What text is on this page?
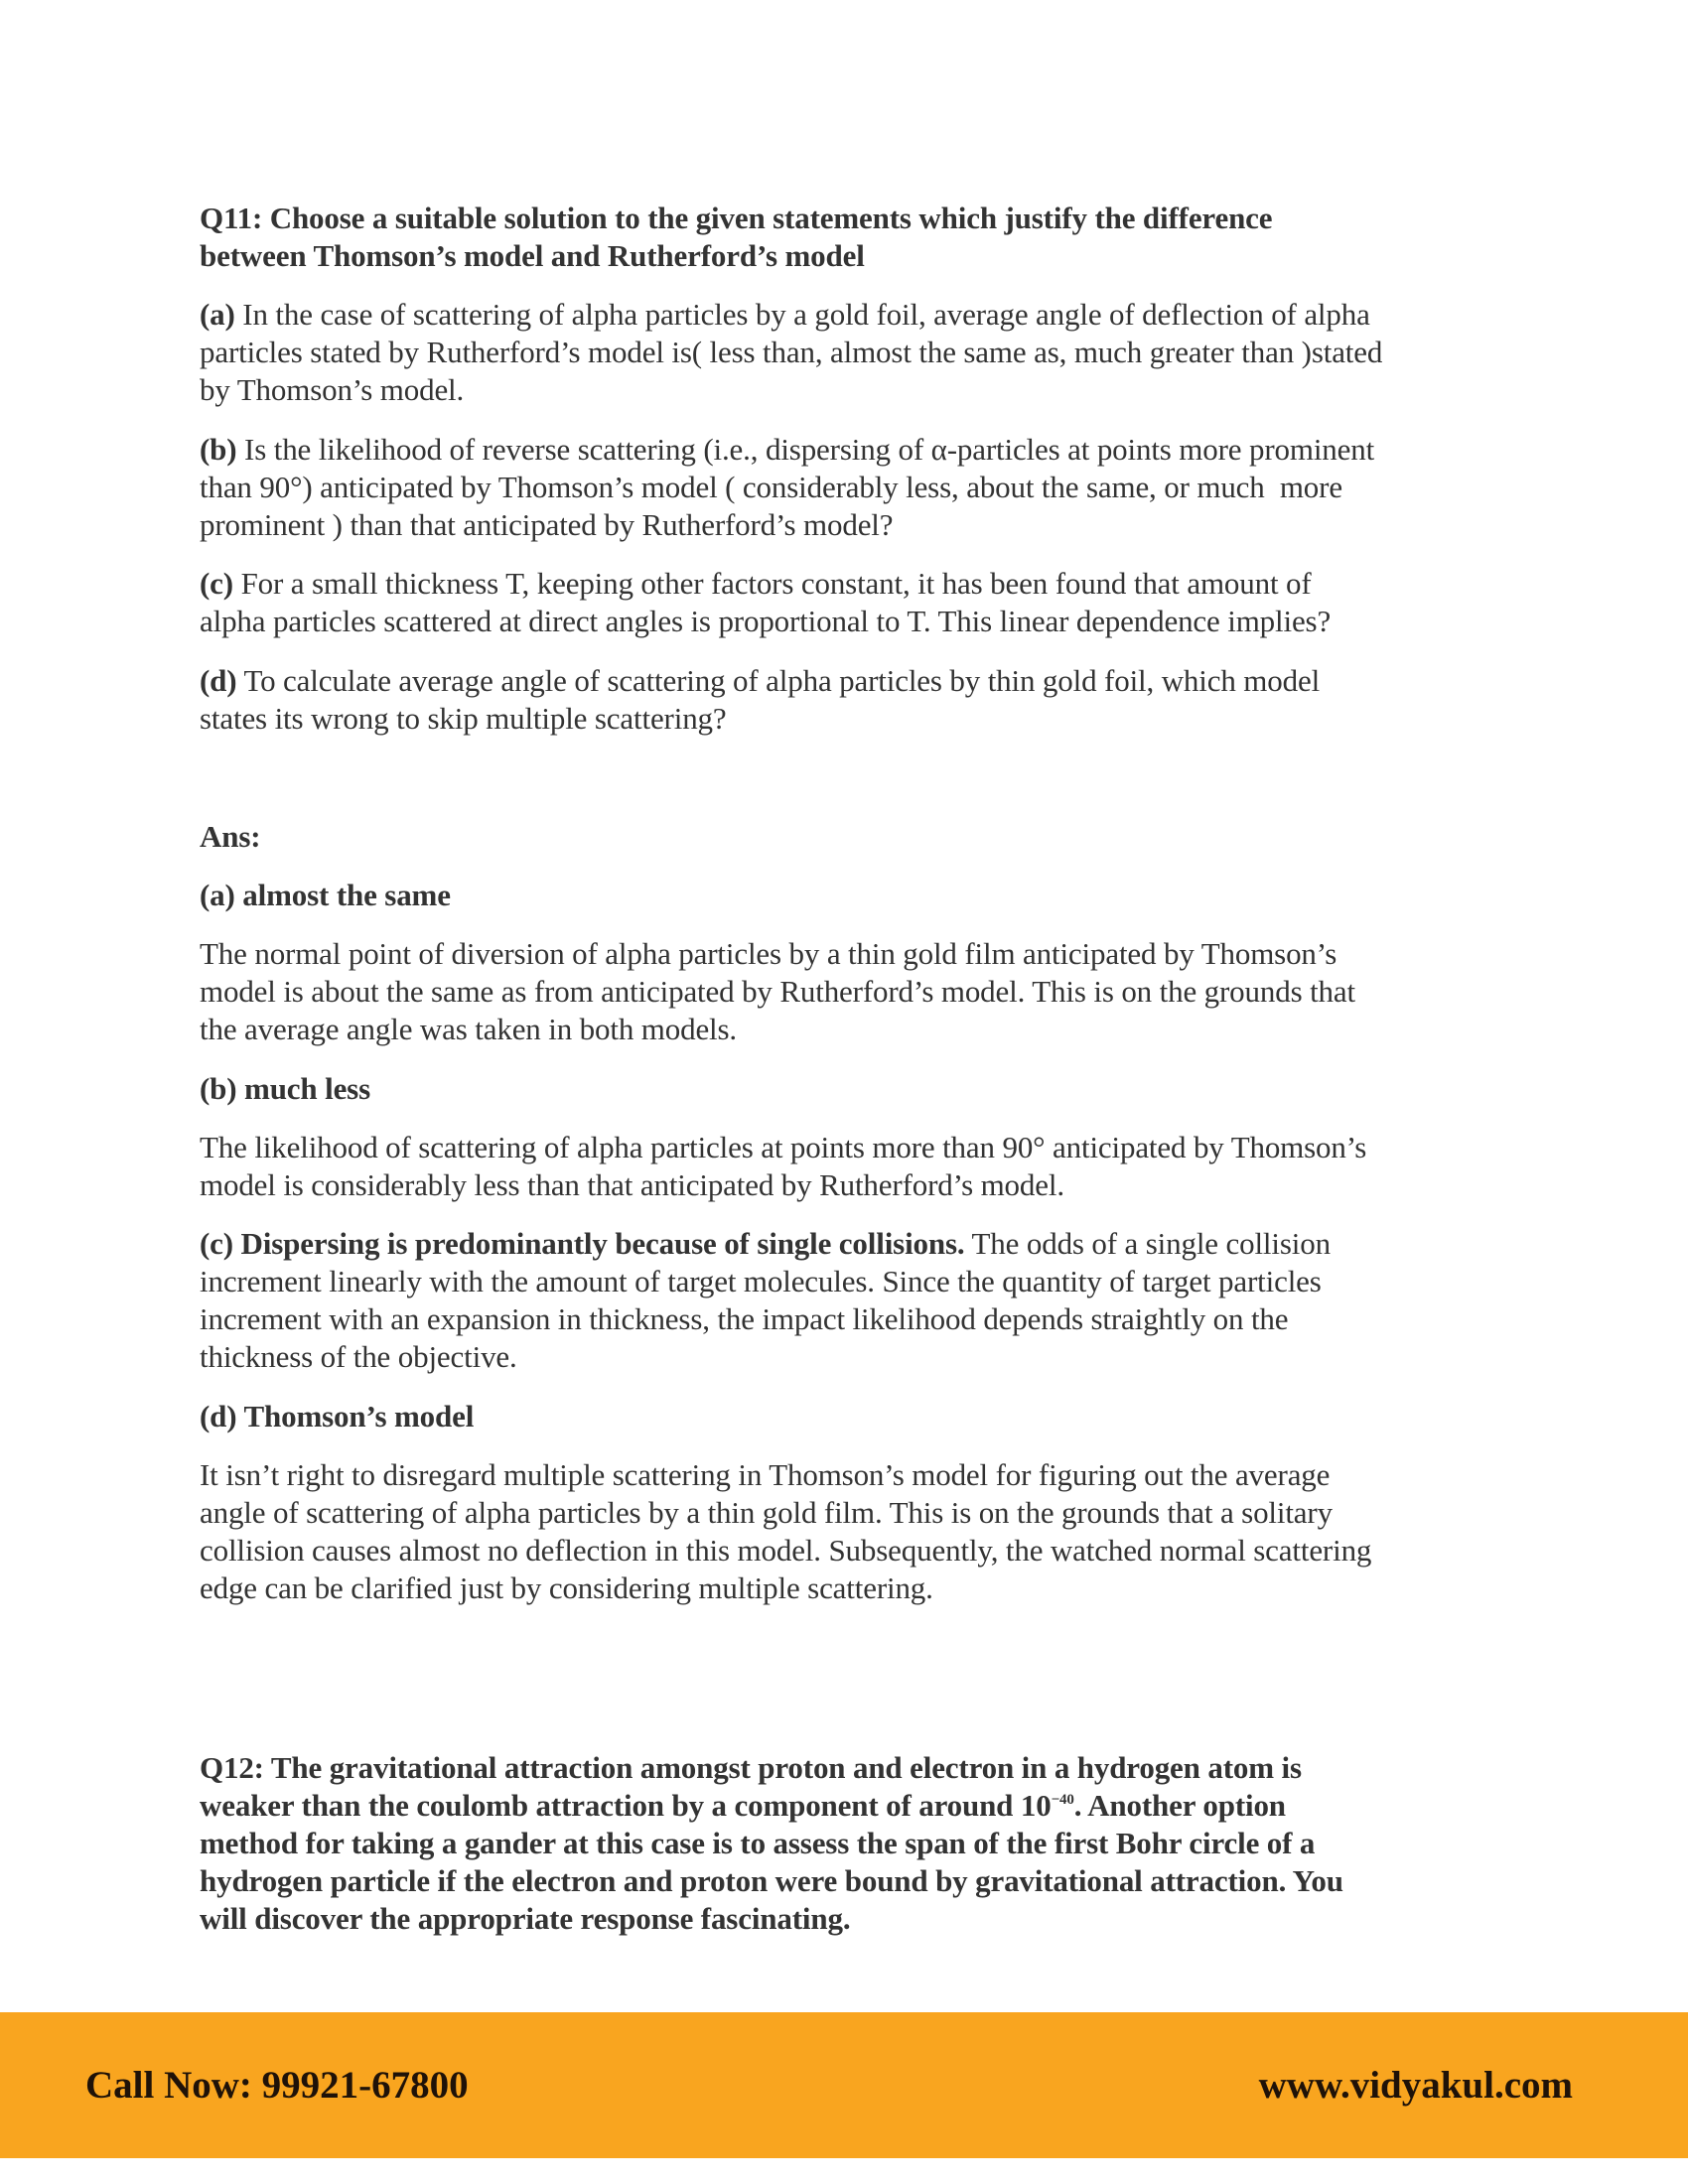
Q11: Choose a suitable solution to the given statements which justify the difference
between Thomson’s model and Rutherford’s model
(a) In the case of scattering of alpha particles by a gold foil, average angle of deflection of alpha
particles stated by Rutherford’s model is( less than, almost the same as, much greater than )stated
by Thomson’s model.
(b) Is the likelihood of reverse scattering (i.e., dispersing of α-particles at points more prominent
than 90°) anticipated by Thomson’s model ( considerably less, about the same, or much  more
prominent ) than that anticipated by Rutherford’s model?
(c) For a small thickness T, keeping other factors constant, it has been found that amount of
alpha particles scattered at direct angles is proportional to T. This linear dependence implies?
(d) To calculate average angle of scattering of alpha particles by thin gold foil, which model
states its wrong to skip multiple scattering?
Ans:
(a) almost the same
The normal point of diversion of alpha particles by a thin gold film anticipated by Thomson’s
model is about the same as from anticipated by Rutherford’s model. This is on the grounds that
the average angle was taken in both models.
(b) much less
The likelihood of scattering of alpha particles at points more than 90° anticipated by Thomson’s
model is considerably less than that anticipated by Rutherford’s model.
(c) Dispersing is predominantly because of single collisions. The odds of a single collision
increment linearly with the amount of target molecules. Since the quantity of target particles
increment with an expansion in thickness, the impact likelihood depends straightly on the
thickness of the objective.
(d) Thomson’s model
It isn’t right to disregard multiple scattering in Thomson’s model for figuring out the average
angle of scattering of alpha particles by a thin gold film. This is on the grounds that a solitary
collision causes almost no deflection in this model. Subsequently, the watched normal scattering
edge can be clarified just by considering multiple scattering.
Q12: The gravitational attraction amongst proton and electron in a hydrogen atom is
weaker than the coulomb attraction by a component of around $10^{-40}$. Another option
method for taking a gander at this case is to assess the span of the first Bohr circle of a
hydrogen particle if the electron and proton were bound by gravitational attraction. You
will discover the appropriate response fascinating.
Call Now: 99921-67800	www.vidyakul.com
